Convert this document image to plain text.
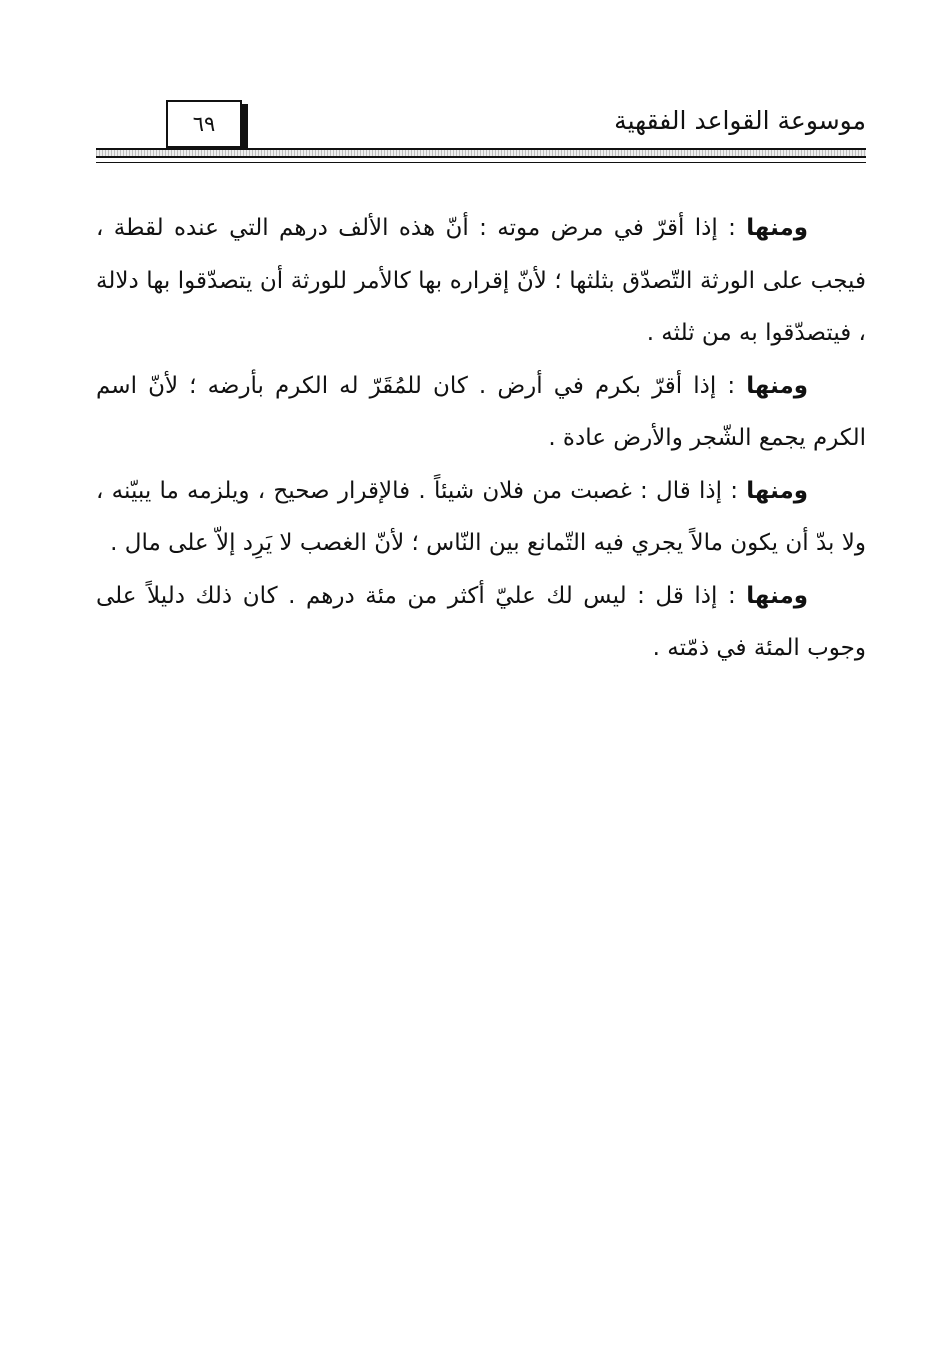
موسوعة القواعد الفقهية
٦٩

ومنها : إذا أقرّ في مرض موته : أنّ هذه الألف درهم التي عنده لقطة ، فيجب على الورثة التّصدّق بثلثها ؛ لأنّ إقراره بها كالأمر للورثة أن يتصدّقوا بها دلالة ، فيتصدّقوا به من ثلثه .

ومنها : إذا أقرّ بكرم في أرض . كان للمُقَرّ له الكرم بأرضه ؛ لأنّ اسم الكرم يجمع الشّجر والأرض عادة .

ومنها : إذا قال : غصبت من فلان شيئاً . فالإقرار صحيح ، ويلزمه ما يبيّنه ، ولا بدّ أن يكون مالاً يجري فيه التّمانع بين النّاس ؛ لأنّ الغصب لا يَرِد إلاّ على مال .

ومنها : إذا قل : ليس لك عليّ أكثر من مئة درهم . كان ذلك دليلاً على وجوب المئة في ذمّته .
